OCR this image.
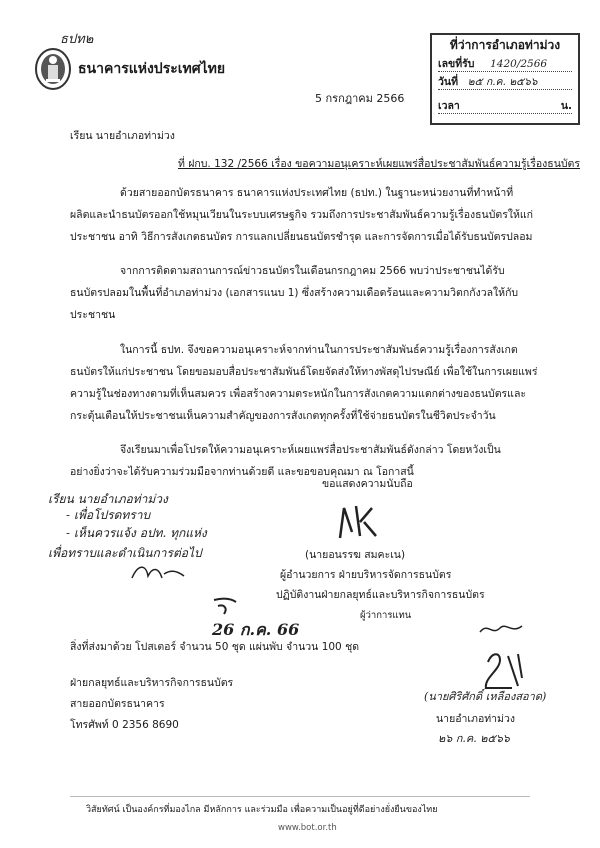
ธปท๒
ธนาคารแห่งประเทศไทย
ที่ว่าการอำเภอท่าม่วง
เลขที่รับ 1420/2566
วันที่ ๒๕ ก.ค. ๒๕๖๖
เวลา	น.
5 กรกฎาคม 2566
เรียน นายอำเภอท่าม่วง
ที่ ฝกบ. 132 /2566 เรื่อง ขอความอนุเคราะห์เผยแพร่สื่อประชาสัมพันธ์ความรู้เรื่องธนบัตร
ด้วยสายออกบัตรธนาคาร ธนาคารแห่งประเทศไทย (ธปท.) ในฐานะหน่วยงานที่ทำหน้าที่
ผลิตและนำธนบัตรออกใช้หมุนเวียนในระบบเศรษฐกิจ รวมถึงการประชาสัมพันธ์ความรู้เรื่องธนบัตรให้แก่
ประชาชน อาทิ วิธีการสังเกตธนบัตร การแลกเปลี่ยนธนบัตรชำรุด และการจัดการเมื่อได้รับธนบัตรปลอม
จากการติดตามสถานการณ์ข่าวธนบัตรในเดือนกรกฎาคม 2566 พบว่าประชาชนได้รับ
ธนบัตรปลอมในพื้นที่อำเภอท่าม่วง (เอกสารแนบ 1) ซึ่งสร้างความเดือดร้อนและความวิตกกังวลให้กับ
ประชาชน
ในการนี้ ธปท. จึงขอความอนุเคราะห์จากท่านในการประชาสัมพันธ์ความรู้เรื่องการสังเกต
ธนบัตรให้แก่ประชาชน โดยขอมอบสื่อประชาสัมพันธ์โดยจัดส่งให้ทางพัสดุไปรษณีย์ เพื่อใช้ในการเผยแพร่
ความรู้ในช่องทางตามที่เห็นสมควร เพื่อสร้างความตระหนักในการสังเกตความแตกต่างของธนบัตรและ
กระตุ้นเตือนให้ประชาชนเห็นความสำคัญของการสังเกตทุกครั้งที่ใช้จ่ายธนบัตรในชีวิตประจำวัน
จึงเรียนมาเพื่อโปรดให้ความอนุเคราะห์เผยแพร่สื่อประชาสัมพันธ์ดังกล่าว โดยหวังเป็น
อย่างยิ่งว่าจะได้รับความร่วมมือจากท่านด้วยดี และขอขอบคุณมา ณ โอกาสนี้
เรียน นายอำเภอท่าม่วง
- เพื่อโปรดทราบ
- เห็นควรแจ้ง อปท. ทุกแห่ง
เพื่อทราบและดำเนินการต่อไป
ขอแสดงความนับถือ
(นายอนรรฆ สมคะเน)
ผู้อำนวยการ ฝ่ายบริหารจัดการธนบัตร
ปฏิบัติงานฝ่ายกลยุทธ์และบริหารกิจการธนบัตร
ผู้ว่าการแทน
26 ก.ค. 66
สิ่งที่ส่งมาด้วย โปสเตอร์ จำนวน 50 ชุด แผ่นพับ จำนวน 100 ชุด
ฝ่ายกลยุทธ์และบริหารกิจการธนบัตร
สายออกบัตรธนาคาร
โทรศัพท์ 0 2356 8690
(นายศิริศักดิ์ เหลืองสอาด)
นายอำเภอท่าม่วง
๒๖ ก.ค. ๒๕๖๖
วิสัยทัศน์ เป็นองค์กรที่มองไกล มีหลักการ และร่วมมือ เพื่อความเป็นอยู่ที่ดีอย่างยั่งยืนของไทย
www.bot.or.th
